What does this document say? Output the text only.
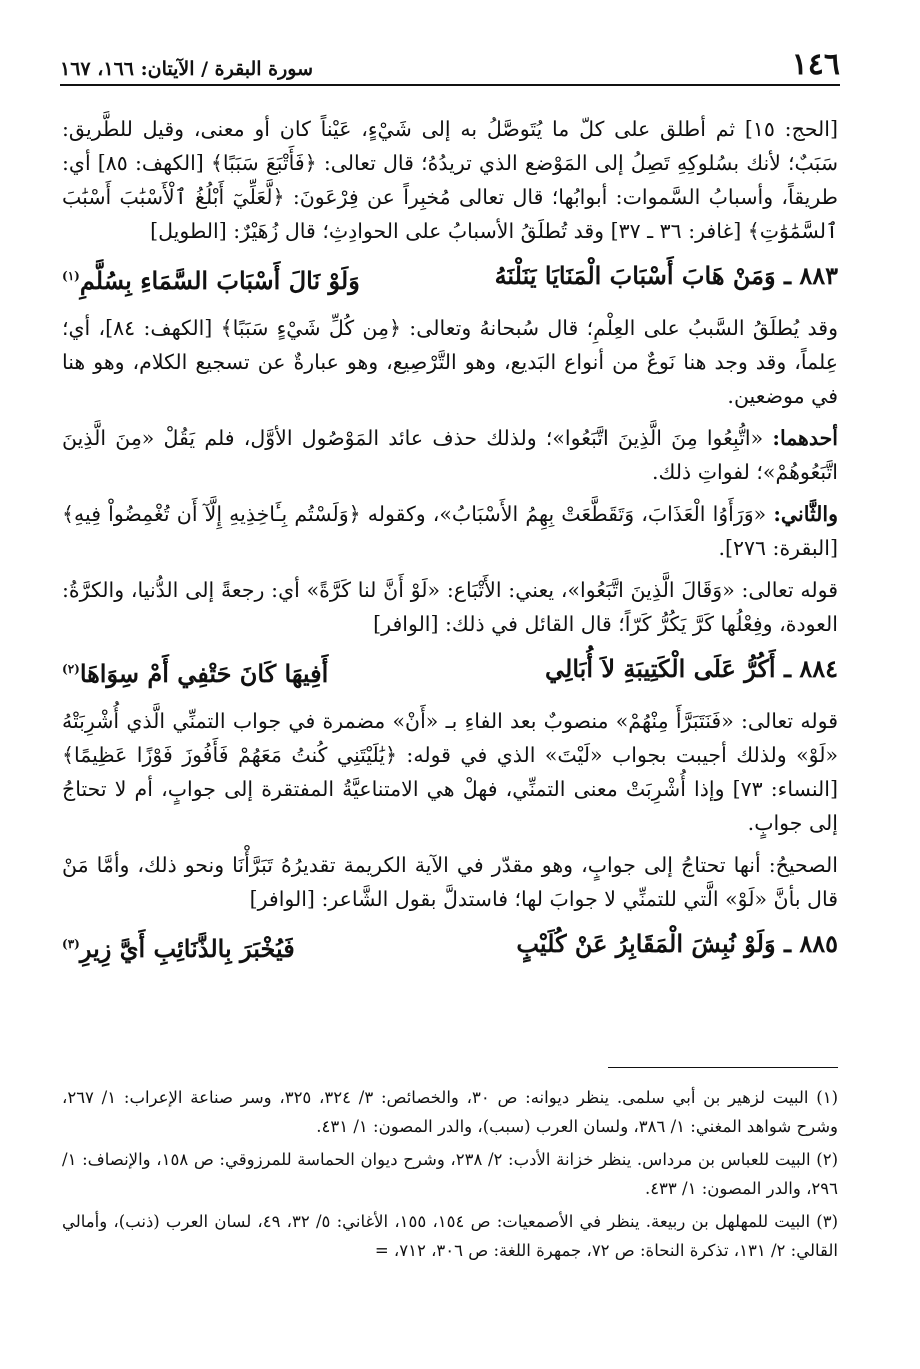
١٤٦
سورة البقرة / الآيتان: ١٦٦، ١٦٧

[الحج: ١٥] ثم أطلق على كلّ ما يُتَوصَّلُ به إلى شَيْءٍ، عَيْناً كان أو معنى، وقيل للطَّريق: سَبَبٌ؛ لأنك بسُلوكِهِ تَصِلُ إلى المَوْضع الذي تريدُهُ؛ قال تعالى: ﴿فَأَتْبَعَ سَبَبًا﴾ [الكهف: ٨٥] أي: طريقاً، وأسبابُ السَّموات: أبوابُها؛ قال تعالى مُخبِراً عن فِرْعَونَ: ﴿لَّعَلِّيٓ أَبْلُغُ ٱلْأَسْبَٰبَ أَسْبَٰبَ ٱلسَّمَٰوَٰتِ﴾ [غافر: ٣٦ ـ ٣٧] وقد تُطلَقُ الأسبابُ على الحوادِثِ؛ قال زُهَيْرٌ: [الطويل]

٨٨٣ ـ وَمَنْ هَابَ أَسْبَابَ الْمَنَايَا يَنَلْنَهُ
وَلَوْ نَالَ أَسْبَابَ السَّمَاءِ بِسُلَّمِ$^{(١)}$

وقد يُطلَقُ السَّببُ على العِلْمِ؛ قال سُبحانهُ وتعالى: ﴿مِن كُلِّ شَيْءٍ سَبَبًا﴾ [الكهف: ٨٤]، أي؛ عِلماً، وقد وجد هنا نَوعٌ من أنواع البَديع، وهو التَّرْصِيع، وهو عبارةٌ عن تسجيع الكلام، وهو هنا في موضعين.

أحدهما: «اتُّبِعُوا مِنَ الَّذِينَ اتَّبَعُوا»؛ ولذلك حذف عائد المَوْصُول الأوَّل، فلم يَقُلْ «مِنَ الَّذِينَ اتَّبَعُوهُمْ»؛ لفواتِ ذلك.

والثَّاني: «وَرَأَوُا الْعَذَابَ، وَتَقَطَّعَتْ بِهِمُ الأَسْبَابُ»، وكقوله ﴿وَلَسْتُم بِـَٔاخِذِيهِ إِلَّآ أَن تُغْمِضُواْ فِيهِ﴾ [البقرة: ٢٧٦].

قوله تعالى: «وَقَالَ الَّذِينَ اتَّبَعُوا»، يعني: الأَتْبَاع: «لَوْ أَنَّ لنا كَرَّةً» أي: رجعةً إلى الدُّنيا، والكرَّةُ: العودة، وفِعْلُها كَرَّ يَكُرُّ كَرّاً؛ قال القائل في ذلك: [الوافر]

٨٨٤ ـ أَكُرُّ عَلَى الْكَتِيبَةِ لاَ أُبَالِي
أَفِيهَا كَانَ حَتْفِي أَمْ سِوَاهَا$^{(٢)}$

قوله تعالى: «فَنَتَبَرَّأَ مِنْهُمْ» منصوبٌ بعد الفاءِ بـ «أَنْ» مضمرة في جواب التمنِّي الَّذي أُشْرِبَتْهُ «لَوْ» ولذلك أجيبت بجواب «لَيْتَ» الذي في قوله: ﴿يَٰلَيْتَنِي كُنتُ مَعَهُمْ فَأَفُوزَ فَوْزًا عَظِيمًا﴾ [النساء: ٧٣] وإذا أُشْرِبَتْ معنى التمنِّي، فهلْ هي الامتناعيَّةُ المفتقرة إلى جوابٍ، أم لا تحتاجُ إلى جوابٍ.

الصحيحُ: أنها تحتاجُ إلى جوابٍ، وهو مقدّر في الآية الكريمة تقديرُهُ تَبَرَّأْنَا ونحو ذلك، وأمَّا مَنْ قال بأنَّ «لَوْ» الَّتي للتمنِّي لا جوابَ لها؛ فاستدلَّ بقول الشَّاعر: [الوافر]

٨٨٥ ـ وَلَوْ نُبِشَ الْمَقَابِرُ عَنْ كُلَيْبٍ
فَيُخْبَرَ بِالذَّنَائِبِ أَيَّ زِيرِ$^{(٣)}$

(١) البيت لزهير بن أبي سلمى. ينظر ديوانه: ص ٣٠، والخصائص: ٣/ ٣٢٤، ٣٢٥، وسر صناعة الإعراب: ١/ ٢٦٧، وشرح شواهد المغني: ١/ ٣٨٦، ولسان العرب (سبب)، والدر المصون: ١/ ٤٣١.

(٢) البيت للعباس بن مرداس. ينظر خزانة الأدب: ٢/ ٢٣٨، وشرح ديوان الحماسة للمرزوقي: ص ١٥٨، والإنصاف: ١/ ٢٩٦، والدر المصون: ١/ ٤٣٣.

(٣) البيت للمهلهل بن ربيعة. ينظر في الأصمعيات: ص ١٥٤، ١٥٥، الأغاني: ٥/ ٣٢، ٤٩، لسان العرب (ذنب)، وأمالي القالي: ٢/ ١٣١، تذكرة النحاة: ص ٧٢، جمهرة اللغة: ص ٣٠٦، ٧١٢، =
